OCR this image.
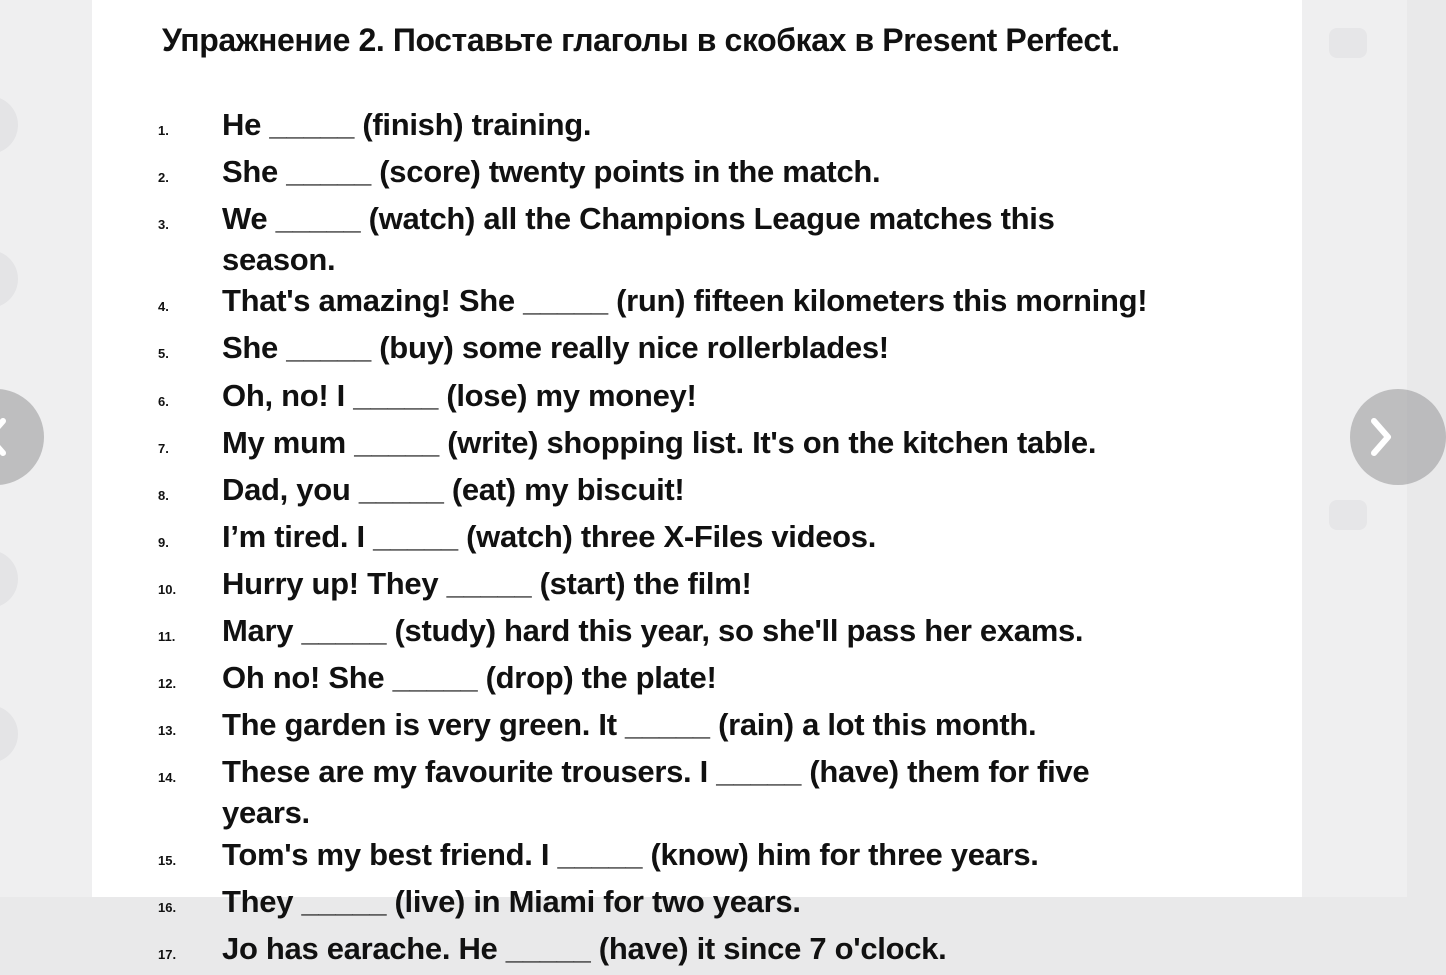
Упражнение 2. Поставьте глаголы в скобках в Present Perfect.
1.	He _____ (finish) training.
2.	She _____ (score) twenty points in the match.
3.	We _____ (watch) all the Champions League matches this
season.
4.	That's amazing! She _____ (run) fifteen kilometers this morning!
5.	She _____ (buy) some really nice rollerblades!
6.	Oh, no! I _____ (lose) my money!
7.	My mum _____ (write) shopping list. It's on the kitchen table.
8.	Dad, you _____ (eat) my biscuit!
9.	I’m tired. I _____ (watch) three X-Files videos.
10.	Hurry up! They _____ (start) the film!
11.	Mary _____ (study) hard this year, so she'll pass her exams.
12.	Oh no! She _____ (drop) the plate!
13.	The garden is very green. It _____ (rain) a lot this month.
14.	These are my favourite trousers. I _____ (have) them for five
years.
15.	Tom's my best friend. I _____ (know) him for three years.
16.	They _____ (live) in Miami for two years.
17.	Jo has earache. He _____ (have) it since 7 o'clock.
